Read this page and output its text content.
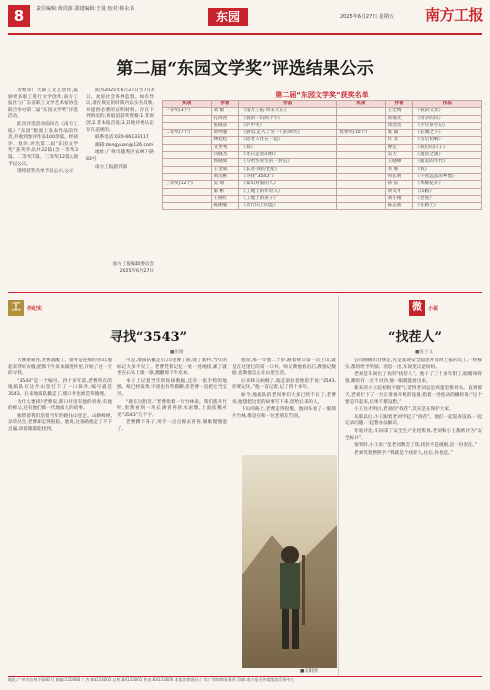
8	责任编辑:黄洪源 邵建编辑:王曼 校对:蔡永书
东园	2025年6月27日 星期五 南方工报
第二届“东园文学奖”评选结果公示

为繁荣广大职工文艺创作,鼓励更多职工进行文学创作,南方工报社与广东省职工文学艺术家协会联合举办第二届“东园文学奖”评选活动。

此次评选活动面向在《南方工报》“东园”版面上发表作品的作者,共收到参评作品100余篇。经初评、复评,评出第二届“东园文学奖”获奖作品共22篇(含一等奖3篇、二等奖7篇、三等奖12篇),现予以公示。

现将获奖名单予以公示,公示

期为2025年6月27日至7月4日。欢迎社会各界监督。如有异议,请在规定的时限内以实名反映,并提供必要的证明材料。存在下列情况的,将取消获奖资格:1.非原创;2.非本报首发;3.其他评委认定存在违规的。

联系电话:020-66133117

邮箱:dongyuan@126.com

地址:广州市越秀区农林下路83号

南方工报副刊部

南方工报编辑委员会
2025年6月27日
第二届“东园文学奖”获奖名单
奖项	作者	作品	奖项	作者	作品
一等奖(3个)	刘 敏	《南方工报·周末大正》		王宏梅	《我的父亲》
	扎阿西	《我的一山两个半》		郭锡光	《母亲的山》
	张晓彦	《炉中火》		徐北达	《小年岁小记》
二等奖(7个)	刘坤强	《厨房,走入了另一门的时光》	优秀奖(10个)	张 毅	《长城之下》
	林桂松	《陪老人住在一起》		许 先	《雪后初晴》
	文世秀	《春》		曹宏	《我们的日子》
	闫晓杰	《冬日走进田野》		吴天	《童话之旅》
	郭晓辉	《写给毕业生的一封信》		王晓峰	《逝去的年代》
	王金斌	《长者·我的老屋》		李 俊	《我》
	黄汉彬	《寻找“3543”》		何长明	《不曾远去的乡愁》
三等奖(12个)	吴 锦	《泰山对面的人》		孙 雷	《木棉花开》
	董 彬	《工地上的年轻人》		黄文才	《山路》
	王晓红	《工地上的孩子》		刘小俊	《老屋》
	陈丽敏	《太行山上的蓝》		陈志新	《在路上》
工	作纪实
寻找“3543”
■张刚

天刚蒙蒙亮,老曹就醒了。窗外是连绵的青山,他起来穿好衣服,把那个牛皮本揣进怀里,开始了这一天的寻找。

“3543”是一个编号。四十多年前,老曹所在的地质队在这片山里打下了一口探井,编号就是3543。后来地质队撤走了,那口井也被荒草掩埋。

为什么要找?老曹说,那口井里有他的青春,有他的师父,还有他们那一代地质人的故事。

他带着我们沿着当年的路往山里走。山路崎岖,杂草丛生,老曹却走得很稳。他说,这条路他走了不下百遍,闭着眼都能找到。

可是,地质队撤走后,山里修了路,建了新村,当年的标记大多不见了。老曹凭着记忆一处一处地找,累了就坐在石头上歇一歇,翻翻那个牛皮本。

本子上记着当年的钻探数据,还有一张手绘的地图。纸已经发黄,字迹也有些模糊,但老曹一直把它当宝贝。

“就在这附近。”老曹指着一片竹林说。我们拨开竹叶,果然看到一块长满青苔的水泥墩,上面依稀可见“3543”几个字。

老曹蹲下身子,用手一点点擦去青苔,眼眶慢慢湿了。

他说,那一年他二十岁,跟着师父第一次上山,就是在这里打的第一口井。师父教他看岩芯,教他记数据,也教他怎么在山里生活。

后来师父病倒了,临走前拉着他的手说:“3543,你要记住。”他一直记着,记了四十多年。

如今,地质队的老同事们大多已经不在了,老曹说,他想把这里的故事写下来,留给后来的人。

下山的路上,老曹走得很慢。他回头看了一眼那片竹林,像是在和一位老朋友告别。

■吴阳图
微	小说
“找茬人”
■张子文

公司刚刚出台规定,凡是发现安全隐患并及时上报的员工,一经核实,都将给予奖励。消息一出,车间里议论纷纷。

老刘是车间出了名的“找茬人”。他干了三十多年钳工,眼睛毒得很,哪里有一点不对劲,他一眼就能看出来。

新来的小王起初很不服气,觉得老刘总是鸡蛋里挑骨头。直到那天,老刘拦下了一台正准备开机的设备,指着一处松动的螺栓说:“这个要是开起来,后果不堪设想。”

小王这才明白,老刘的“找茬”,其实是在保护大家。

从那以后,小王跟着老刘学起了“找茬”。他们一起巡查设备,一起记录问题,一起想办法解决。

年底评比,车间拿了安全生产先进集体,老刘和小王都被评为“安全标兵”。

领奖时,小王说:“是老刘教会了我,找茬不是挑刺,是一份责任。”

老刘笑着摆摆手:“我就是个找茬人,往后,你也是。”

地址:广州市农林下路83号 邮编:510080 广告:84133003 总机:84133001 传真:84133000 本报法律顾问:广东广和律师事务所 印刷:南方报业传媒集团印务中心
